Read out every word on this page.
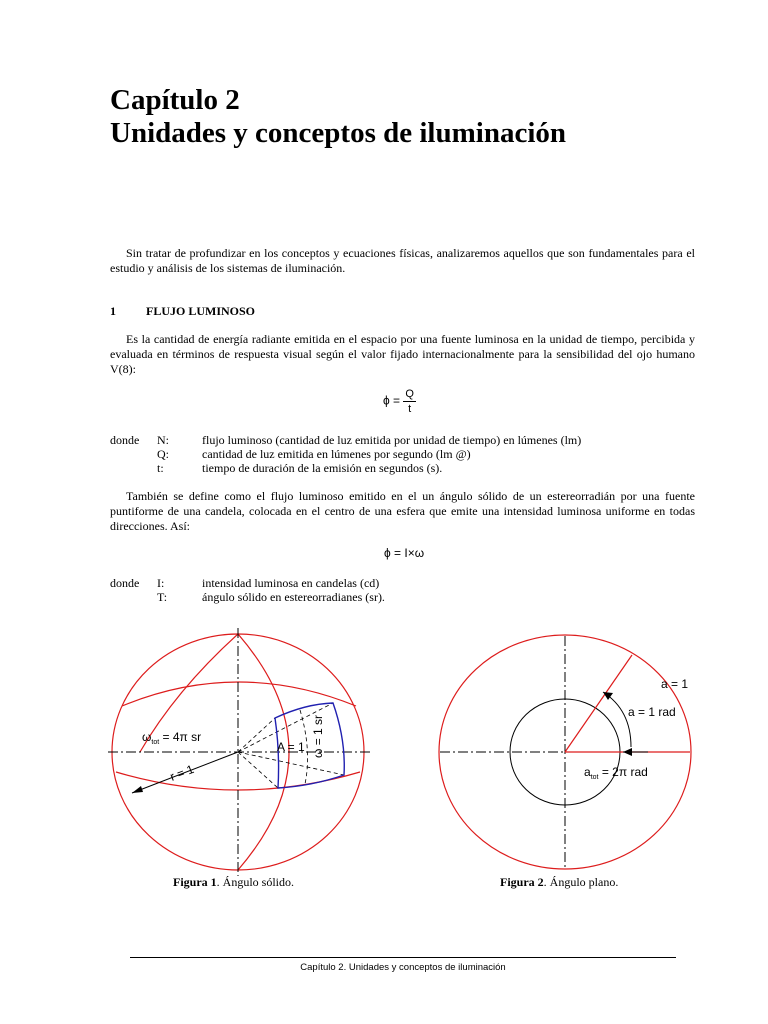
Capítulo 2
Unidades y conceptos de iluminación
Sin tratar de profundizar en los conceptos y ecuaciones físicas, analizaremos aquellos que son fundamentales para el estudio y análisis de los sistemas de iluminación.
1	FLUJO LUMINOSO
Es la cantidad de energía radiante emitida en el espacio por una fuente luminosa en la unidad de tiempo, percibida y evaluada en términos de respuesta visual según el valor fijado internacionalmente para la sensibilidad del ojo humano V(8):
$\phi = \frac{Q}{t}$
donde	N:	flujo luminoso (cantidad de luz emitida por unidad de tiempo) en lúmenes (lm)
	Q:	cantidad de luz emitida en lúmenes por segundo (lm @)
	t:	tiempo de duración de la emisión en segundos (s).
También se define como el flujo luminoso emitido en el un ángulo sólido de un estereorradián por una fuente puntiforme de una candela, colocada en el centro de una esfera que emite una intensidad luminosa uniforme en todas direcciones. Así:
ϕ = I×ω
donde	I:	intensidad luminosa en candelas (cd)
	T:	ángulo sólido en estereorradianes (sr).
$\omega_{tot} = 4\pi$ sr
r = 1
A = 1 ω = 1 sr
Figura 1. Ángulo sólido.
a = 1
a = 1 rad
$a_{tot} = 2\pi$ rad
Figura 2. Ángulo plano.
Capítulo 2. Unidades y conceptos de iluminación
